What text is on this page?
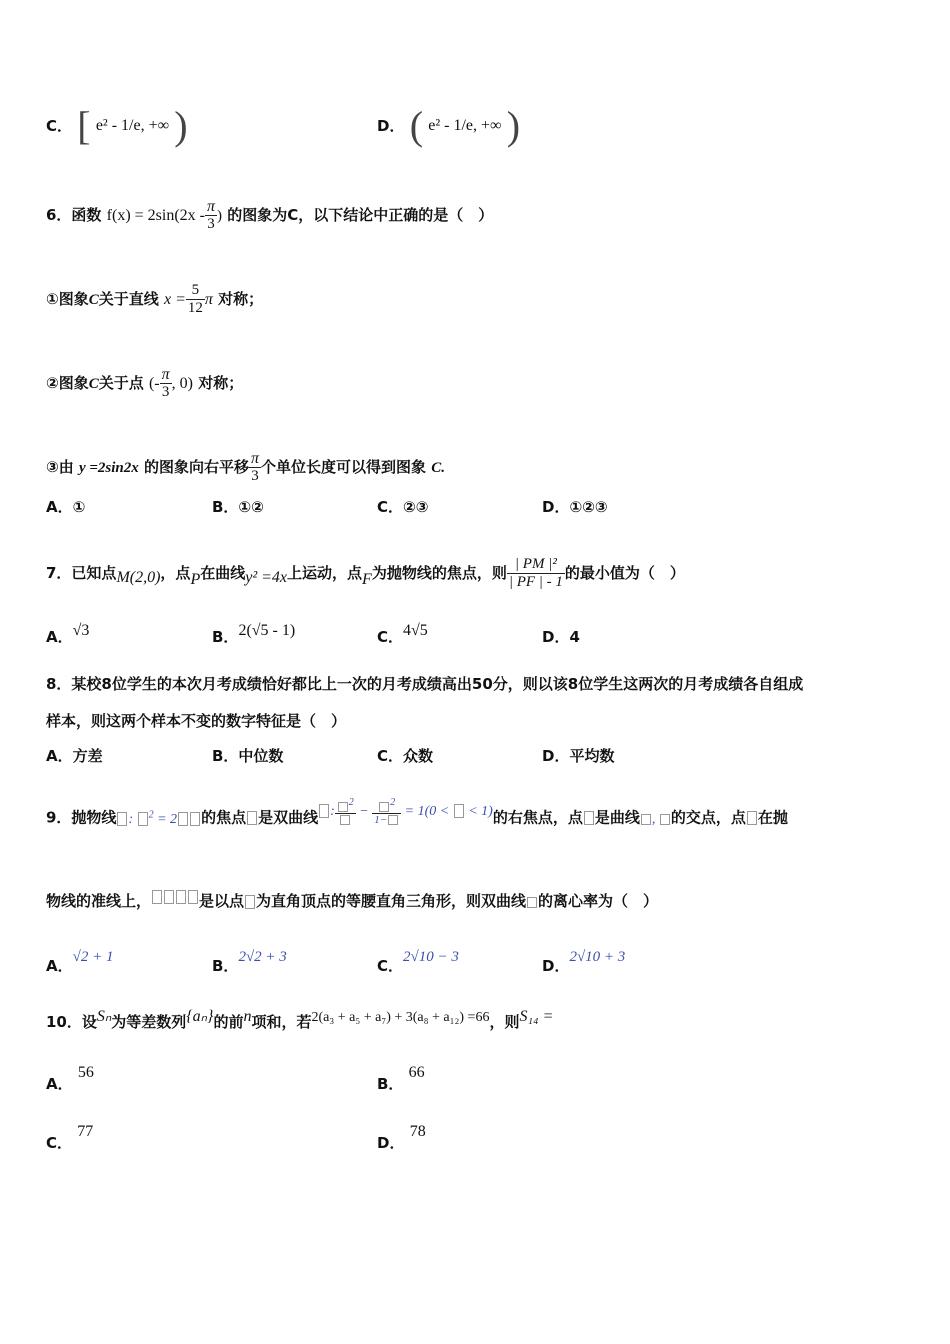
C． [ e² - 1/e, +∞ )	D． ( e² - 1/e, +∞ )
6．函数 $f(x) = 2\sin(2x - \frac{\pi}{3}$ ) 的图象为C，以下结论中正确的是（　）
①图象C关于直线 $x = \frac{5}{12}$ π 对称；
②图象C关于点 (- $\frac{\pi}{3}$ , 0) 对称；
③由 y =2sin2x 的图象向右平移 $\frac{\pi}{3}$ 个单位长度可以得到图象 C.
A．①	B．①②	C．②③	D．①②③
7．已知点M(2,0)，点P在曲线y² =4x上运动，点F为抛物线的焦点，则 $\frac{\text{| PM |²}}{| PF | - 1}$ 的最小值为（　）
A．√3	B．2(√5 - 1)	C．4√5	D．4
8．某校8位学生的本次月考成绩恰好都比上一次的月考成绩高出50分，则以该8位学生这两次的月考成绩各自组成
样本，则这两个样本不变的数字特征是（　）
A．方差	B．中位数	C．众数	D．平均数
9．抛物线 : $^2$ = 2 的焦点 是双曲线 :
$^2$
− $\frac{^2}{1-} = 1(0$ <  < 1)的右焦点，点 是曲线 , 的交点，点 在抛
物线的准线上，	是以点 为直角顶点的等腰直角三角形，则双曲线 的离心率为（　）
A．√2 + 1	B．2√2 + 3	C．2√10 − 3	D．2√10 + 3
10．设Sₙ为等差数列{aₙ}的前n项和，若2(a₃ + a₅ + a₇) + 3(a₈ + a₁₂) =66，则S₁₄ =
A． 56
B． 66
C． 77
D． 78
